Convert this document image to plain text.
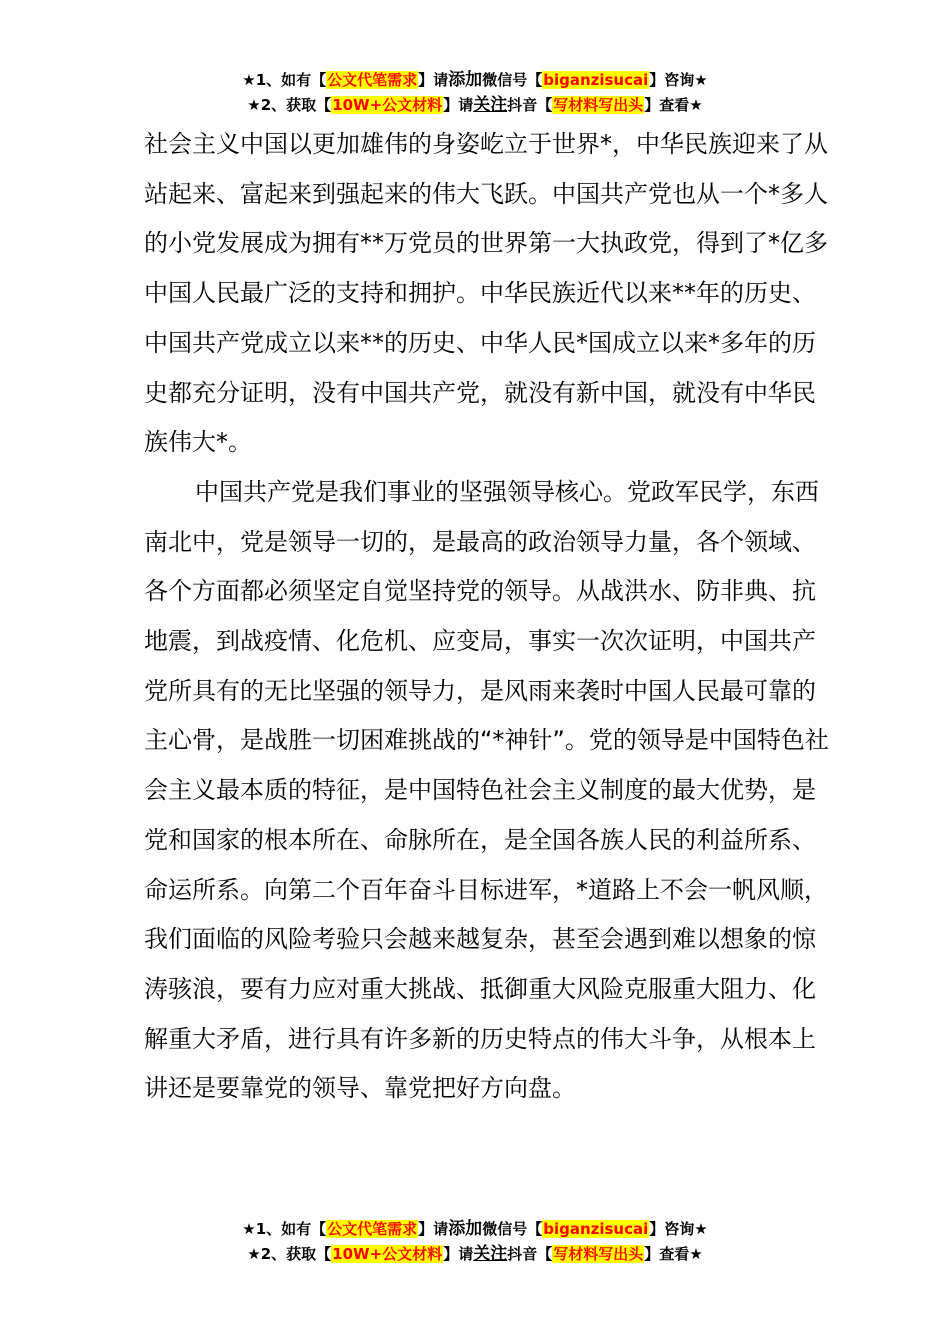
★1、如有【公文代笔需求】请添加微信号【biganzisucai】咨询★
★2、获取【10W+公文材料】请关注抖音【写材料写出头】查看★

社会主义中国以更加雄伟的身姿屹立于世界*，中华民族迎来了从站起来、富起来到强起来的伟大飞跃。中国共产党也从一个*多人的小党发展成为拥有**万党员的世界第一大执政党，得到了*亿多中国人民最广泛的支持和拥护。中华民族近代以来**年的历史、中国共产党成立以来**的历史、中华人民*国成立以来*多年的历史都充分证明，没有中国共产党，就没有新中国，就没有中华民族伟大*。

中国共产党是我们事业的坚强领导核心。党政军民学，东西南北中，党是领导一切的，是最高的政治领导力量，各个领域、各个方面都必须坚定自觉坚持党的领导。从战洪水、防非典、抗地震，到战疫情、化危机、应变局，事实一次次证明，中国共产党所具有的无比坚强的领导力，是风雨来袭时中国人民最可靠的主心骨，是战胜一切困难挑战的“*神针”。党的领导是中国特色社会主义最本质的特征，是中国特色社会主义制度的最大优势，是党和国家的根本所在、命脉所在，是全国各族人民的利益所系、命运所系。向第二个百年奋斗目标进军，*道路上不会一帆风顺，我们面临的风险考验只会越来越复杂，甚至会遇到难以想象的惊涛骇浪，要有力应对重大挑战、抵御重大风险克服重大阻力、化解重大矛盾，进行具有许多新的历史特点的伟大斗争，从根本上讲还是要靠党的领导、靠党把好方向盘。

★1、如有【公文代笔需求】请添加微信号【biganzisucai】咨询★
★2、获取【10W+公文材料】请关注抖音【写材料写出头】查看★
